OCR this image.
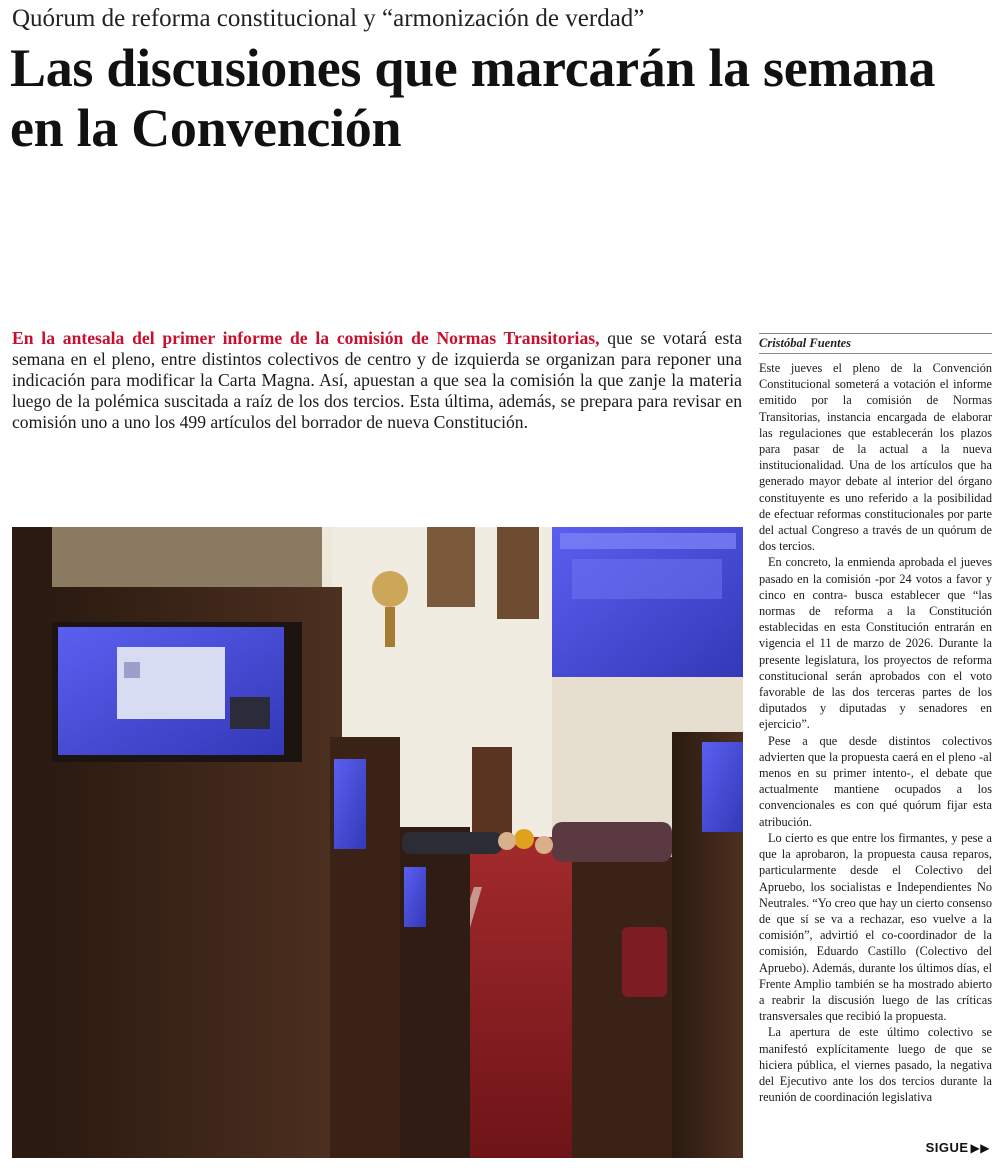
Quórum de reforma constitucional y “armonización de verdad”
Las discusiones que marcarán la semana en la Convención

En la antesala del primer informe de la comisión de Normas Transitorias, que se votará esta semana en el pleno, entre distintos colectivos de centro y de izquierda se organizan para reponer una indicación para modificar la Carta Magna. Así, apuestan a que sea la comisión la que zanje la materia luego de la polémica suscitada a raíz de los dos tercios. Esta última, además, se prepara para revisar en comisión uno a uno los 499 artículos del borrador de nueva Constitución.

Cristóbal Fuentes

Este jueves el pleno de la Convención Constitucional someterá a votación el informe emitido por la comisión de Normas Transitorias, instancia encargada de elaborar las regulaciones que establecerán los plazos para pasar de la actual a la nueva institucionalidad. Una de los artículos que ha generado mayor debate al interior del órgano constituyente es uno referido a la posibilidad de efectuar reformas constitucionales por parte del actual Congreso a través de un quórum de dos tercios.

En concreto, la enmienda aprobada el jueves pasado en la comisión -por 24 votos a favor y cinco en contra- busca establecer que “las normas de reforma a la Constitución establecidas en esta Constitución entrarán en vigencia el 11 de marzo de 2026. Durante la presente legislatura, los proyectos de reforma constitucional serán aprobados con el voto favorable de las dos terceras partes de los diputados y diputadas y senadores en ejercicio”.

Pese a que desde distintos colectivos advierten que la propuesta caerá en el pleno -al menos en su primer intento-, el debate que actualmente mantiene ocupados a los convencionales es con qué quórum fijar esta atribución.

Lo cierto es que entre los firmantes, y pese a que la aprobaron, la propuesta causa reparos, particularmente desde el Colectivo del Apruebo, los socialistas e Independientes No Neutrales. “Yo creo que hay un cierto consenso de que sí se va a rechazar, eso vuelve a la comisión”, advirtió el co-coordinador de la comisión, Eduardo Castillo (Colectivo del Apruebo). Además, durante los últimos días, el Frente Amplio también se ha mostrado abierto a reabrir la discusión luego de las críticas transversales que recibió la propuesta.

La apertura de este último colectivo se manifestó explícitamente luego de que se hiciera pública, el viernes pasado, la negativa del Ejecutivo ante los dos tercios durante la reunión de coordinación legislativa

SIGUE ▶▶
